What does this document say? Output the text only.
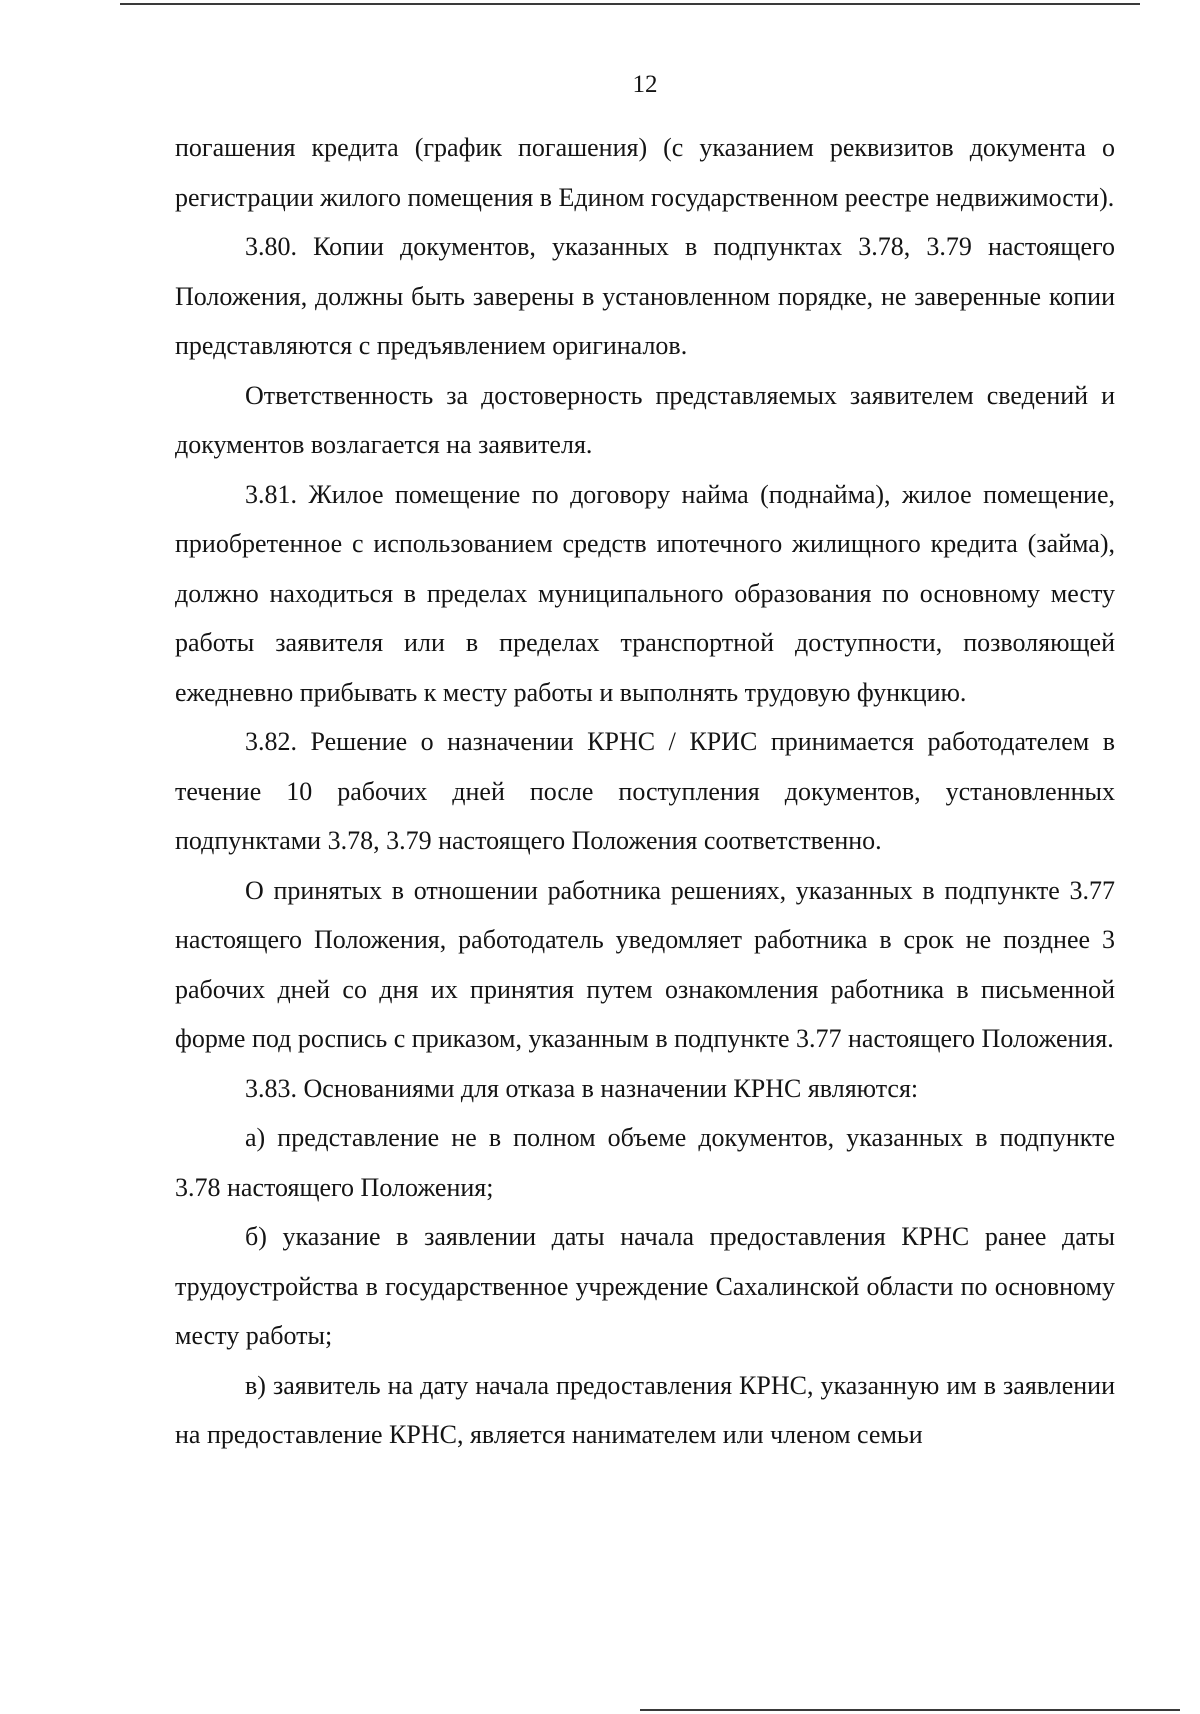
12

погашения кредита (график погашения) (с указанием реквизитов документа о регистрации жилого помещения в Едином государственном реестре недвижимости).

3.80. Копии документов, указанных в подпунктах 3.78, 3.79 настоящего Положения, должны быть заверены в установленном порядке, не заверенные копии представляются с предъявлением оригиналов.

Ответственность за достоверность представляемых заявителем сведений и документов возлагается на заявителя.

3.81. Жилое помещение по договору найма (поднайма), жилое помещение, приобретенное с использованием средств ипотечного жилищного кредита (займа), должно находиться в пределах муниципального образования по основному месту работы заявителя или в пределах транспортной доступности, позволяющей ежедневно прибывать к месту работы и выполнять трудовую функцию.

3.82. Решение о назначении КРНС / КРИС принимается работодателем в течение 10 рабочих дней после поступления документов, установленных подпунктами 3.78, 3.79 настоящего Положения соответственно.

О принятых в отношении работника решениях, указанных в подпункте 3.77 настоящего Положения, работодатель уведомляет работника в срок не позднее 3 рабочих дней со дня их принятия путем ознакомления работника в письменной форме под роспись с приказом, указанным в подпункте 3.77 настоящего Положения.

3.83. Основаниями для отказа в назначении КРНС являются:

а) представление не в полном объеме документов, указанных в подпункте 3.78 настоящего Положения;

б) указание в заявлении даты начала предоставления КРНС ранее даты трудоустройства в государственное учреждение Сахалинской области по основному месту работы;

в) заявитель на дату начала предоставления КРНС, указанную им в заявлении на предоставление КРНС, является нанимателем или членом семьи
